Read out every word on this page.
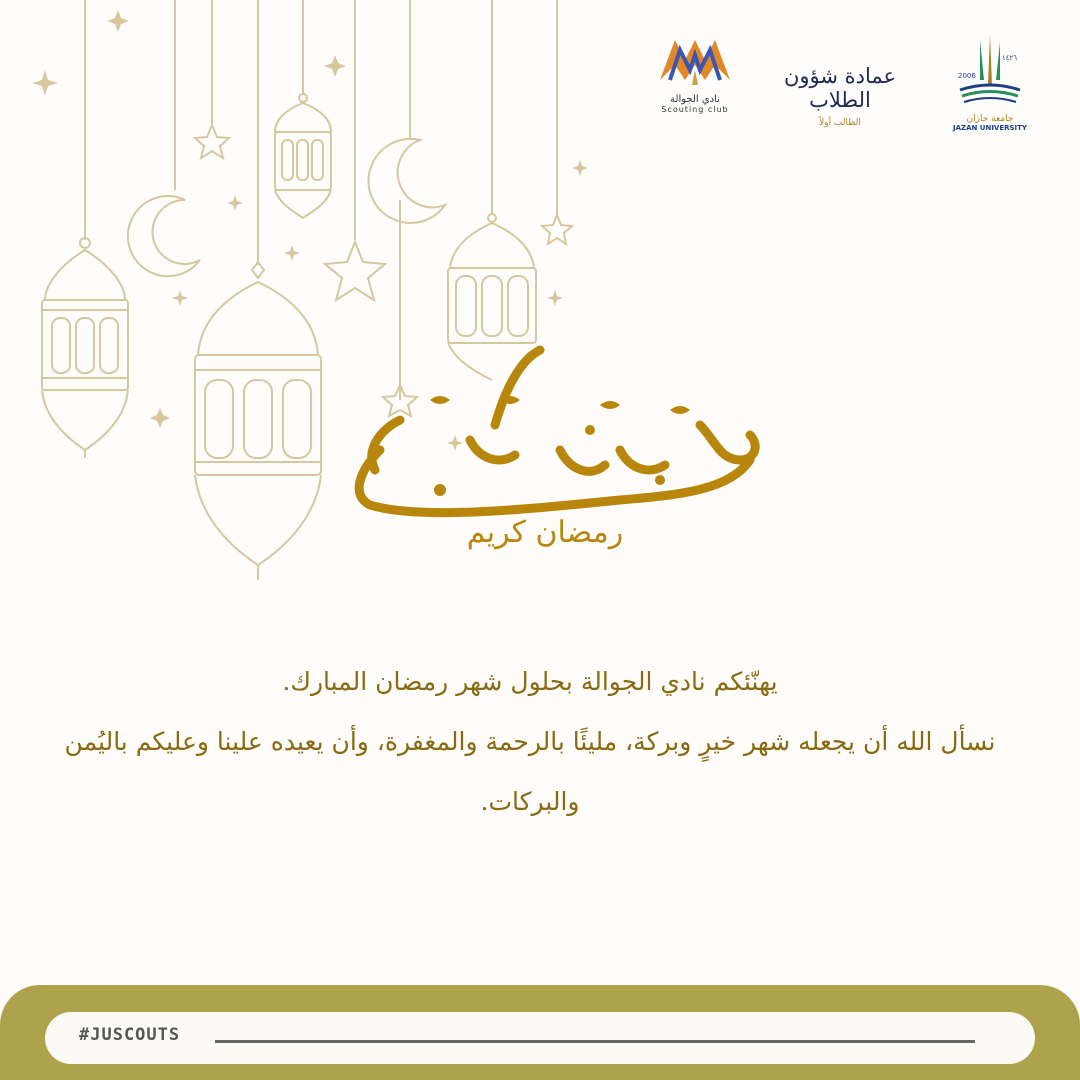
2006
١٤٢٦
جامعة جازان
JAZAN UNIVERSITY
عمادة شؤون الطلاب
الطالب أولاً
نادي الجوالة
Scouting club
رمضان كريم

يهنّئكم نادي الجوالة بحلول شهر رمضان المبارك.

نسأل الله أن يجعله شهر خيرٍ وبركة، مليئًا بالرحمة والمغفرة، وأن يعيده علينا وعليكم باليُمن والبركات.

#JUSCOUTS
